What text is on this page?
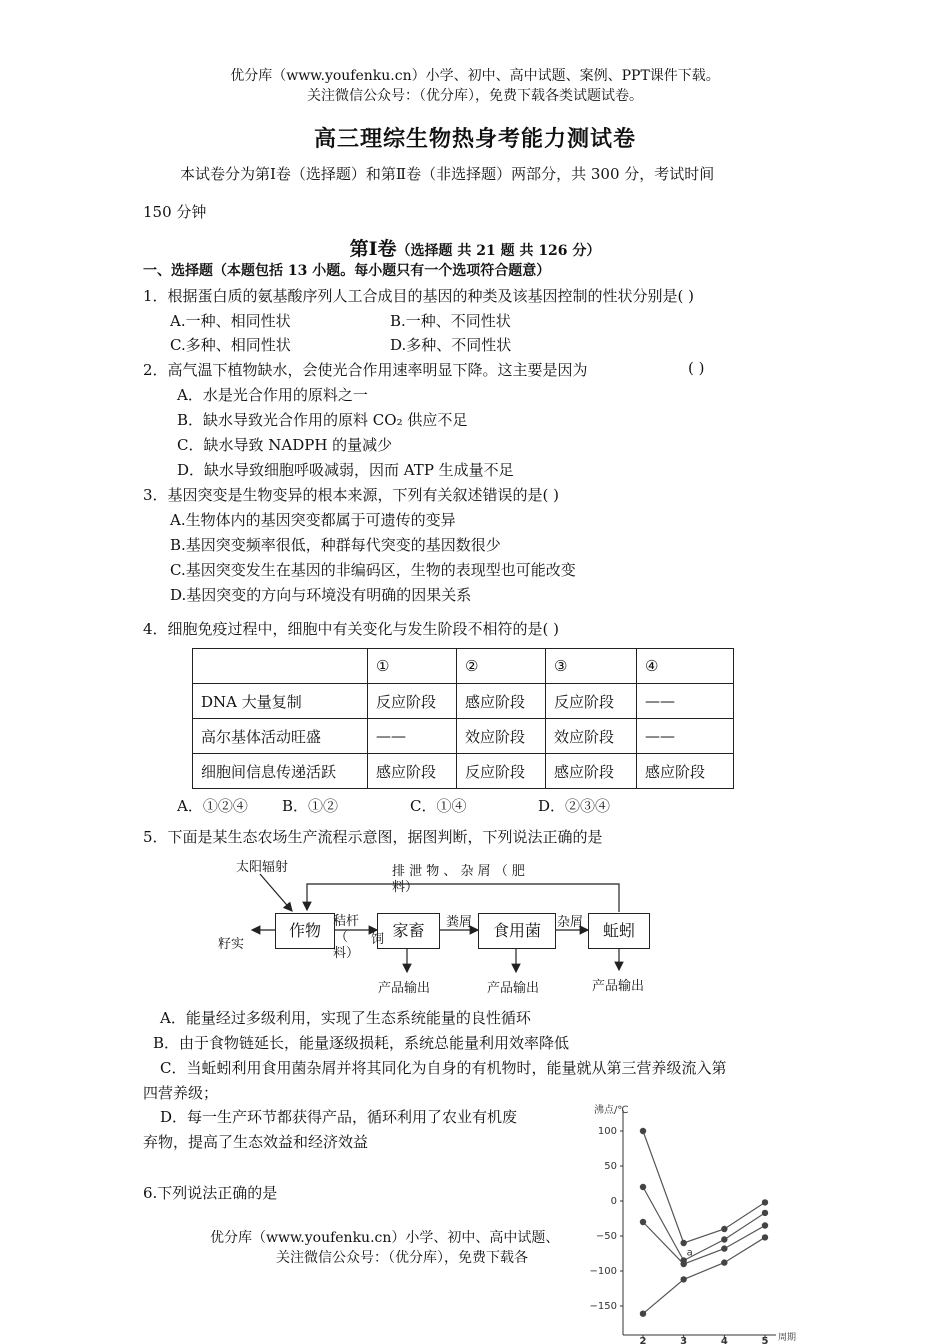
优分库（www.youfenku.cn）小学、初中、高中试题、案例、PPT课件下载。
关注微信公众号：（优分库），免费下载各类试题试卷。
高三理综生物热身考能力测试卷
本试卷分为第Ⅰ卷（选择题）和第Ⅱ卷（非选择题）两部分，共 300 分，考试时间
150 分钟
第Ⅰ卷（选择题 共 21 题 共 126 分）
一、选择题（本题包括 13 小题。每小题只有一个选项符合题意）
1．根据蛋白质的氨基酸序列人工合成目的基因的种类及该基因控制的性状分别是( )
A.一种、相同性状	B.一种、不同性状
C.多种、相同性状	D.多种、不同性状
2．高气温下植物缺水，会使光合作用速率明显下降。这主要是因为	( )
A．水是光合作用的原料之一
B．缺水导致光合作用的原料 CO₂ 供应不足
C．缺水导致 NADPH 的量减少
D．缺水导致细胞呼吸减弱，因而 ATP 生成量不足
3．基因突变是生物变异的根本来源，下列有关叙述错误的是( )
A.生物体内的基因突变都属于可遗传的变异
B.基因突变频率很低，种群每代突变的基因数很少
C.基因突变发生在基因的非编码区，生物的表现型也可能改变
D.基因突变的方向与环境没有明确的因果关系
4．细胞免疫过程中，细胞中有关变化与发生阶段不相符的是( )
	①	②	③	④
DNA 大量复制	反应阶段	感应阶段	反应阶段	——
高尔基体活动旺盛	——	效应阶段	效应阶段	——
细胞间信息传递活跃	感应阶段	反应阶段	感应阶段	感应阶段
A．①②④ B．①②	C．①④	D．②③④
5．下面是某生态农场生产流程示意图，据图判断，下列说法正确的是
作物	家畜	食用菌	蚯蚓
太阳辐射	排 泄 物 、 杂 屑 （ 肥
料）
籽实
秸杆
（ 饲
料）
粪屑	杂屑
产品输出	产品输出	产品输出
A．能量经过多级利用，实现了生态系统能量的良性循环
B．由于食物链延长，能量逐级损耗，系统总能量利用效率降低
C．当蚯蚓利用食用菌杂屑并将其同化为自身的有机物时，能量就从第三营养级流入第
四营养级；
D．每一生产环节都获得产品，循环利用了农业有机废
弃物，提高了生态效益和经济效益
6.下列说法正确的是
优分库（www.youfenku.cn）小学、初中、高中试题、
关注微信公众号：（优分库），免费下载各
沸点/℃
周期
100
50
0
−50
−100
−150
2	3	4	5
a
